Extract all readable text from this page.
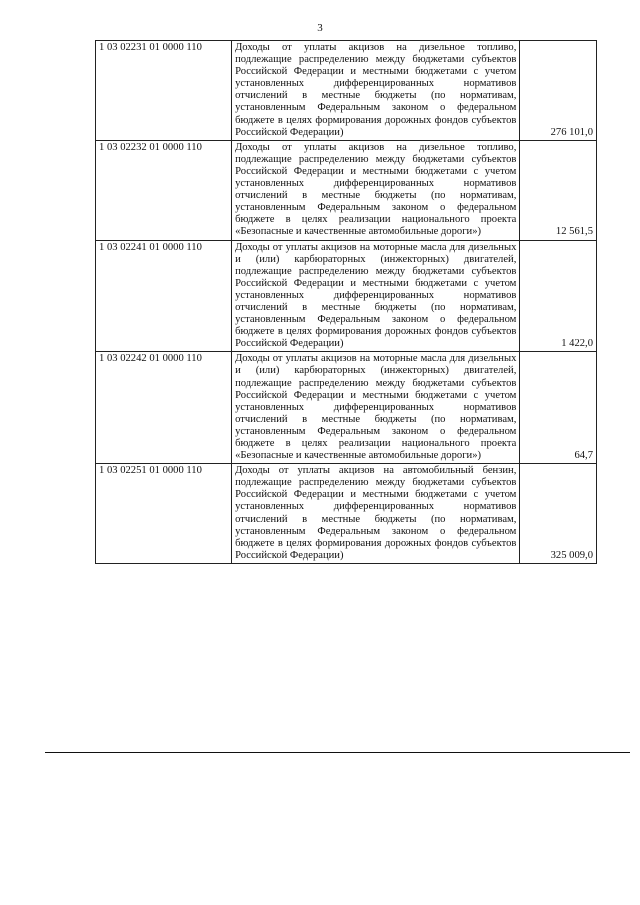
3
1 03 02231 01 0000 110	Доходы от уплаты акцизов на дизельное топливо, подлежащие распределению между бюджетами субъектов Российской Федерации и местными бюджетами с учетом установленных дифференцированных нормативов отчислений в местные бюджеты (по нормативам, установленным Федеральным законом о федеральном бюджете в целях формирования дорожных фондов субъектов Российской Федерации)	276 101,0
1 03 02232 01 0000 110	Доходы от уплаты акцизов на дизельное топливо, подлежащие распределению между бюджетами субъектов Российской Федерации и местными бюджетами с учетом установленных дифференцированных нормативов отчислений в местные бюджеты (по нормативам, установленным Федеральным законом о федеральном бюджете в целях реализации национального проекта «Безопасные и качественные автомобильные дороги»)	12 561,5
1 03 02241 01 0000 110	Доходы от уплаты акцизов на моторные масла для дизельных и (или) карбюраторных (инжекторных) двигателей, подлежащие распределению между бюджетами субъектов Российской Федерации и местными бюджетами с учетом установленных дифференцированных нормативов отчислений в местные бюджеты (по нормативам, установленным Федеральным законом о федеральном бюджете в целях формирования дорожных фондов субъектов Российской Федерации)	1 422,0
1 03 02242 01 0000 110	Доходы от уплаты акцизов на моторные масла для дизельных и (или) карбюраторных (инжекторных) двигателей, подлежащие распределению между бюджетами субъектов Российской Федерации и местными бюджетами с учетом установленных дифференцированных нормативов отчислений в местные бюджеты (по нормативам, установленным Федеральным законом о федеральном бюджете в целях реализации национального проекта «Безопасные и качественные автомобильные дороги»)	64,7
1 03 02251 01 0000 110	Доходы от уплаты акцизов на автомобильный бензин, подлежащие распределению между бюджетами субъектов Российской Федерации и местными бюджетами с учетом установленных дифференцированных нормативов отчислений в местные бюджеты (по нормативам, установленным Федеральным законом о федеральном бюджете в целях формирования дорожных фондов субъектов Российской Федерации)	325 009,0
